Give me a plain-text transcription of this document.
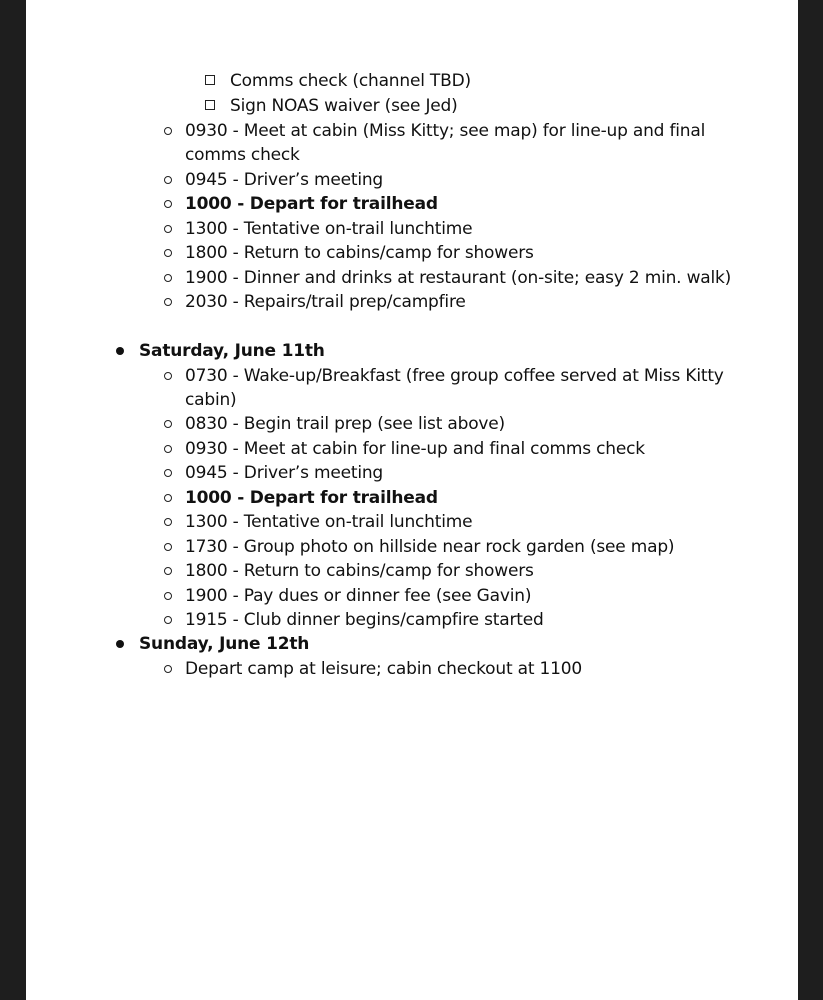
Comms check (channel TBD)
Sign NOAS waiver (see Jed)
0930 - Meet at cabin (Miss Kitty; see map) for line-up and final
comms check
0945 - Driver’s meeting
1000 - Depart for trailhead
1300 - Tentative on-trail lunchtime
1800 - Return to cabins/camp for showers
1900 - Dinner and drinks at restaurant (on-site; easy 2 min. walk)
2030 - Repairs/trail prep/campfire
Saturday, June 11th
0730 - Wake-up/Breakfast (free group coffee served at Miss Kitty
cabin)
0830 - Begin trail prep (see list above)
0930 - Meet at cabin for line-up and final comms check
0945 - Driver’s meeting
1000 - Depart for trailhead
1300 - Tentative on-trail lunchtime
1730 - Group photo on hillside near rock garden (see map)
1800 - Return to cabins/camp for showers
1900 - Pay dues or dinner fee (see Gavin)
1915 - Club dinner begins/campfire started
Sunday, June 12th
Depart camp at leisure; cabin checkout at 1100
